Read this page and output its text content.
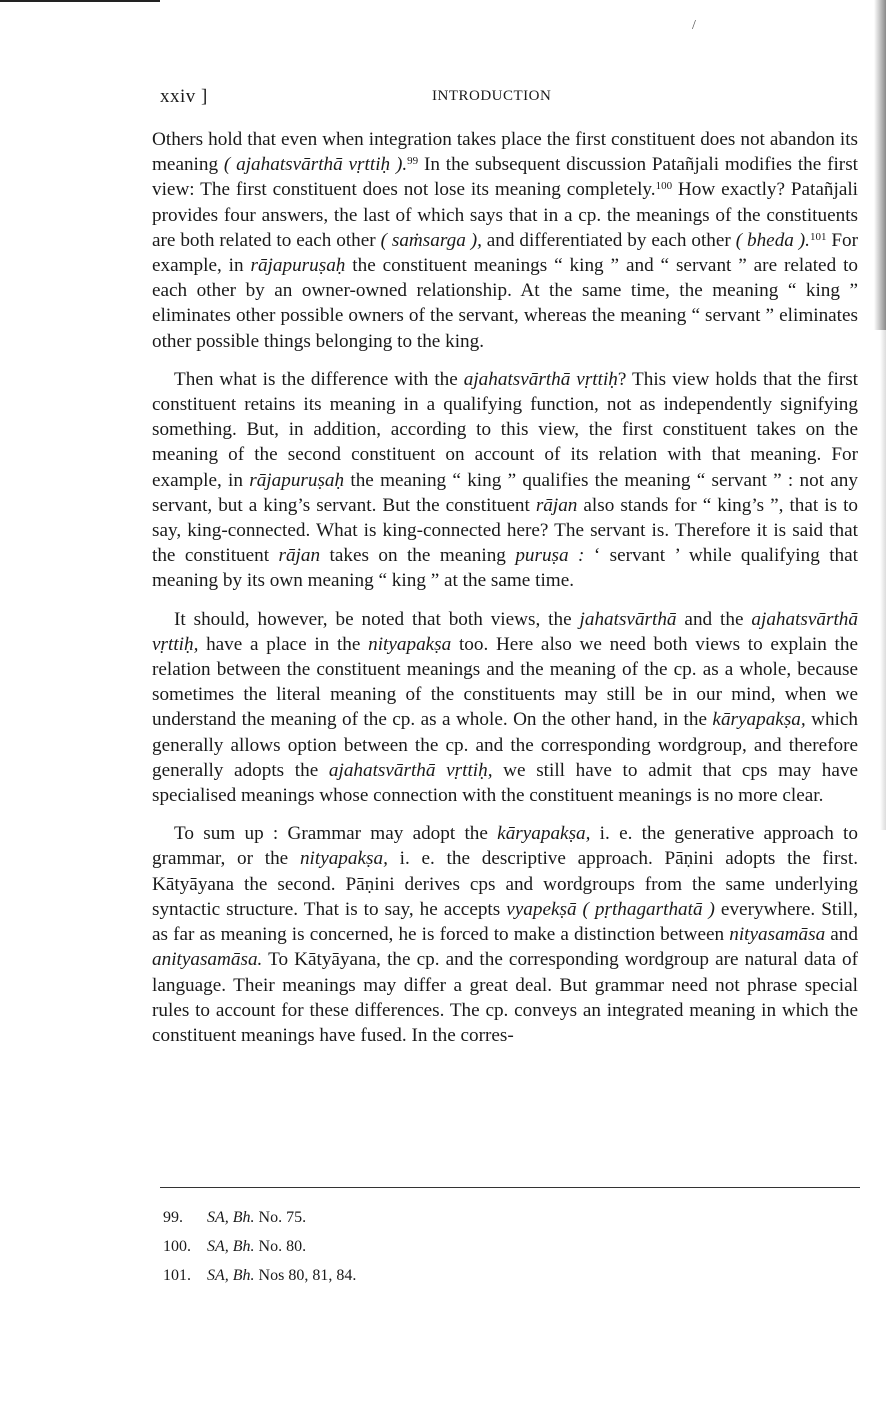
/
xxiv ]	INTRODUCTION

Others hold that even when integration takes place the first constituent does not abandon its meaning ( ajahatsvārthā vṛttiḥ ).$^{99}$ In the subsequent discussion Patañjali modifies the first view: The first constituent does not lose its meaning completely.$^{100}$ How exactly? Patañjali provides four answers, the last of which says that in a cp. the meanings of the constituents are both related to each other ( saṁsarga ), and differentiated by each other ( bheda ).$^{101}$ For example, in rājapuruṣaḥ the constituent meanings “ king ” and “ servant ” are related to each other by an owner-owned relationship. At the same time, the meaning “ king ” eliminates other possible owners of the servant, whereas the meaning “ servant ” eliminates other possible things belonging to the king.

Then what is the difference with the ajahatsvārthā vṛttiḥ? This view holds that the first constituent retains its meaning in a qualifying function, not as independently signifying something. But, in addition, according to this view, the first constituent takes on the meaning of the second constituent on account of its relation with that meaning. For example, in rājapuruṣaḥ the meaning “ king ” qualifies the meaning “ servant ” : not any servant, but a king’s servant. But the constituent rājan also stands for “ king’s ”, that is to say, king-connected. What is king-connected here? The servant is. Therefore it is said that the constituent rājan takes on the meaning puruṣa : ‘ servant ’ while qualifying that meaning by its own meaning “ king ” at the same time.

It should, however, be noted that both views, the jahatsvārthā and the ajahatsvārthā vṛttiḥ, have a place in the nityapakṣa too. Here also we need both views to explain the relation between the constituent meanings and the meaning of the cp. as a whole, because sometimes the literal meaning of the constituents may still be in our mind, when we understand the meaning of the cp. as a whole. On the other hand, in the kāryapakṣa, which generally allows option between the cp. and the corresponding wordgroup, and therefore generally adopts the ajahatsvārthā vṛttiḥ, we still have to admit that cps may have specialised meanings whose connection with the constituent meanings is no more clear.

To sum up : Grammar may adopt the kāryapakṣa, i. e. the generative approach to grammar, or the nityapakṣa, i. e. the descriptive approach. Pāṇini adopts the first. Kātyāyana the second. Pāṇini derives cps and wordgroups from the same underlying syntactic structure. That is to say, he accepts vyapekṣā ( pṛthagarthatā ) everywhere. Still, as far as meaning is concerned, he is forced to make a distinction between nityasamāsa and anityasamāsa. To Kātyāyana, the cp. and the corresponding wordgroup are natural data of language. Their meanings may differ a great deal. But grammar need not phrase special rules to account for these differences. The cp. conveys an integrated meaning in which the constituent meanings have fused. In the corres-

99.	SA, Bh. No. 75.
100.	SA, Bh. No. 80.
101.	SA, Bh. Nos 80, 81, 84.
